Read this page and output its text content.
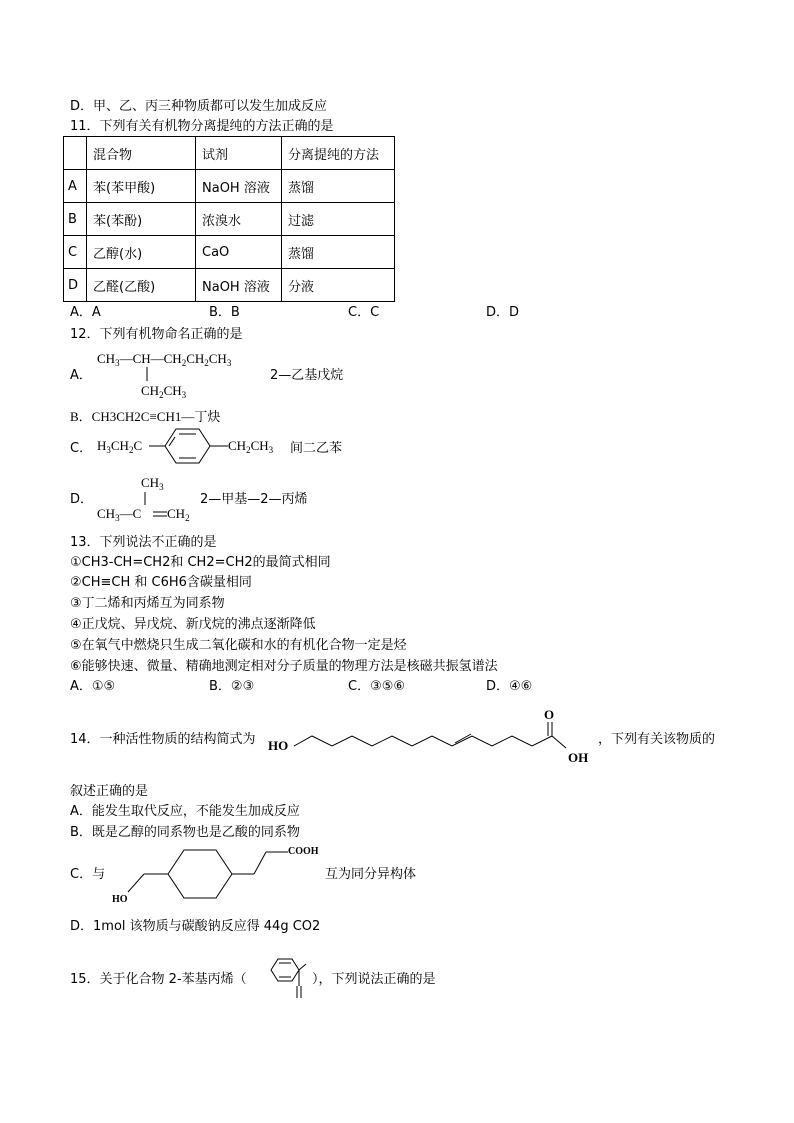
D．甲、乙、丙三种物质都可以发生加成反应
11．下列有关有机物分离提纯的方法正确的是
	混合物	试剂	分离提纯的方法
A	苯(苯甲酸)	NaOH 溶液	蒸馏
B	苯(苯酚)	浓溴水	过滤
C	乙醇(水)	CaO	蒸馏
D	乙醛(乙酸)	NaOH 溶液	分液
A．A	B．B	C．C	D．D
12．下列有机物命名正确的是
A．
$CH_3—CH—CH_2CH_2CH_3$
$CH_2CH_3$
2—乙基戊烷
B．CH3CH2C≡CH1—丁炔
C． $H_3CH_2C$	$CH_2CH_3$ 间二乙苯
D．
$CH_3$
$CH_3—C$ $CH_2$
2—甲基—2—丙烯
13．下列说法不正确的是
①CH3-CH=CH2和 CH2=CH2的最简式相同
②CH≡CH 和 C6H6含碳量相同
③丁二烯和丙烯互为同系物
④正戊烷、异戊烷、新戊烷的沸点逐渐降低
⑤在氧气中燃烧只生成二氧化碳和水的有机化合物一定是烃
⑥能够快速、微量、精确地测定相对分子质量的物理方法是核磁共振氢谱法
A．①⑤	B．②③	C．③⑤⑥	D．④⑥
14．一种活性物质的结构简式为 HO
O
OH
，下列有关该物质的
叙述正确的是
A．能发生取代反应，不能发生加成反应
B．既是乙醇的同系物也是乙酸的同系物
C．与
HO
COOH
互为同分异构体
D．1mol 该物质与碳酸钠反应得 44g CO2
15．关于化合物 2-苯基丙烯（	），下列说法正确的是
